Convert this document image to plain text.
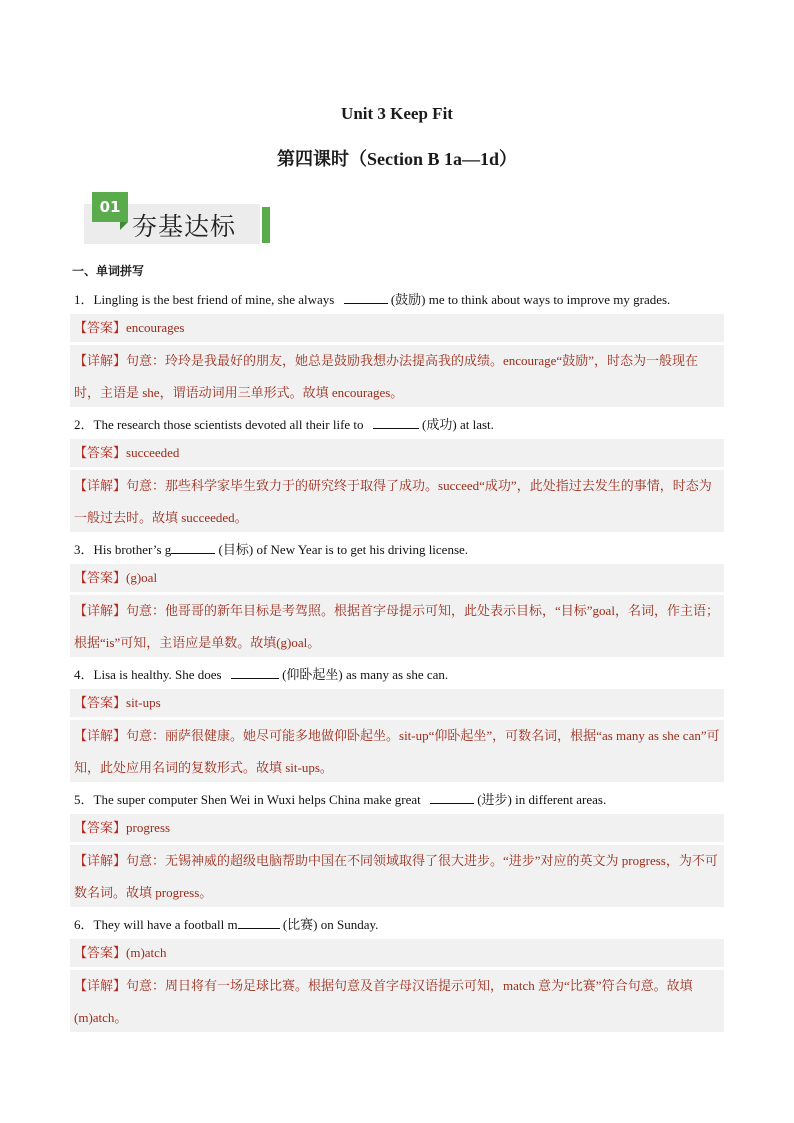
Unit 3 Keep Fit
第四课时（Section B 1a—1d）
01
夯基达标
一、单词拼写
1．Lingling is the best friend of mine, she always	(鼓励) me to think about ways to improve my grades.
【答案】encourages
【详解】句意：玲玲是我最好的朋友，她总是鼓励我想办法提高我的成绩。encourage“鼓励”，时态为一般现在时，主语是 she，谓语动词用三单形式。故填 encourages。
2．The research those scientists devoted all their life to	(成功) at last.
【答案】succeeded
【详解】句意：那些科学家毕生致力于的研究终于取得了成功。succeed“成功”，此处指过去发生的事情，时态为一般过去时。故填 succeeded。
3．His brother’s g	(目标) of New Year is to get his driving license.
【答案】(g)oal
【详解】句意：他哥哥的新年目标是考驾照。根据首字母提示可知，此处表示目标，“目标”goal，名词，作主语；根据“is”可知，主语应是单数。故填(g)oal。
4．Lisa is healthy. She does	(仰卧起坐) as many as she can.
【答案】sit-ups
【详解】句意：丽萨很健康。她尽可能多地做仰卧起坐。sit-up“仰卧起坐”，可数名词，根据“as many as she can”可知，此处应用名词的复数形式。故填 sit-ups。
5．The super computer Shen Wei in Wuxi helps China make great	(进步) in different areas.
【答案】progress
【详解】句意：无锡神威的超级电脑帮助中国在不同领域取得了很大进步。“进步”对应的英文为 progress，为不可数名词。故填 progress。
6．They will have a football m	(比赛) on Sunday.
【答案】(m)atch
【详解】句意：周日将有一场足球比赛。根据句意及首字母汉语提示可知，match 意为“比赛”符合句意。故填(m)atch。
